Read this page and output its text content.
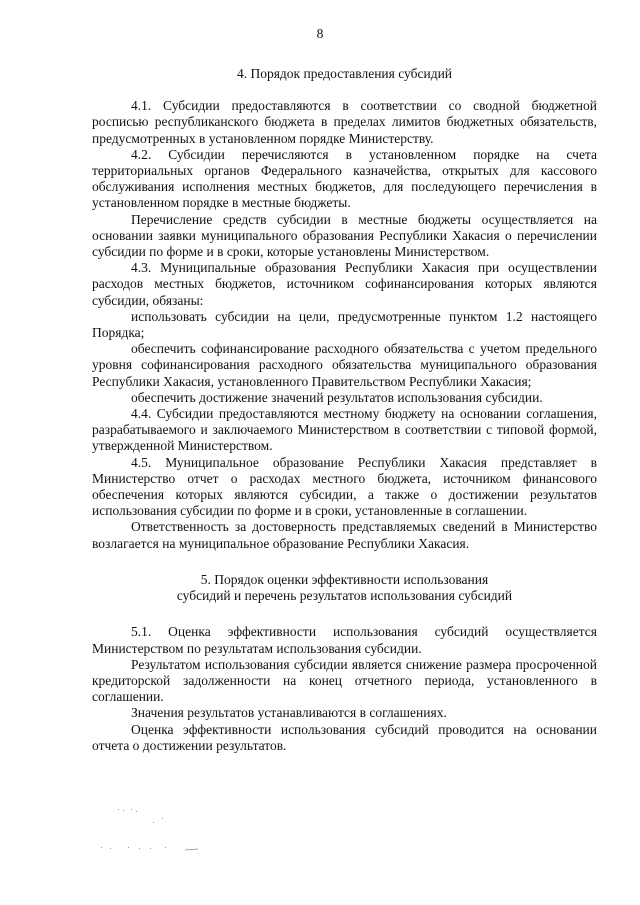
8

4. Порядок предоставления субсидий

4.1. Субсидии предоставляются в соответствии со сводной бюджетной росписью республиканского бюджета в пределах лимитов бюджетных обязательств, предусмотренных в установленном порядке Министерству.

4.2. Субсидии перечисляются в установленном порядке на счета территориальных органов Федерального казначейства, открытых для кассового обслуживания исполнения местных бюджетов, для последующего перечисления в установленном порядке в местные бюджеты.

Перечисление средств субсидии в местные бюджеты осуществляется на основании заявки муниципального образования Республики Хакасия о перечислении субсидии по форме и в сроки, которые установлены Министерством.

4.3. Муниципальные образования Республики Хакасия при осуществлении расходов местных бюджетов, источником софинансирования которых являются субсидии, обязаны:

использовать субсидии на цели, предусмотренные пунктом 1.2 настоящего Порядка;

обеспечить софинансирование расходного обязательства с учетом предельного уровня софинансирования расходного обязательства муниципального образования Республики Хакасия, установленного Правительством Республики Хакасия;

обеспечить достижение значений результатов использования субсидии.

4.4. Субсидии предоставляются местному бюджету на основании соглашения, разрабатываемого и заключаемого Министерством в соответствии с типовой формой, утвержденной Министерством.

4.5. Муниципальное образование Республики Хакасия представляет в Министерство отчет о расходах местного бюджета, источником финансового обеспечения которых являются субсидии, а также о достижении результатов использования субсидии по форме и в сроки, установленные в соглашении.

Ответственность за достоверность представляемых сведений в Министерство возлагается на муниципальное образование Республики Хакасия.

5. Порядок оценки эффективности использования
субсидий и перечень результатов использования субсидий

5.1. Оценка эффективности использования субсидий осуществляется Министерством по результатам использования субсидии.

Результатом использования субсидии является снижение размера просроченной кредиторской задолженности на конец отчетного периода, установленного в соглашении.

Значения результатов устанавливаются в соглашениях.

Оценка эффективности использования субсидий проводится на основании отчета о достижении результатов.
